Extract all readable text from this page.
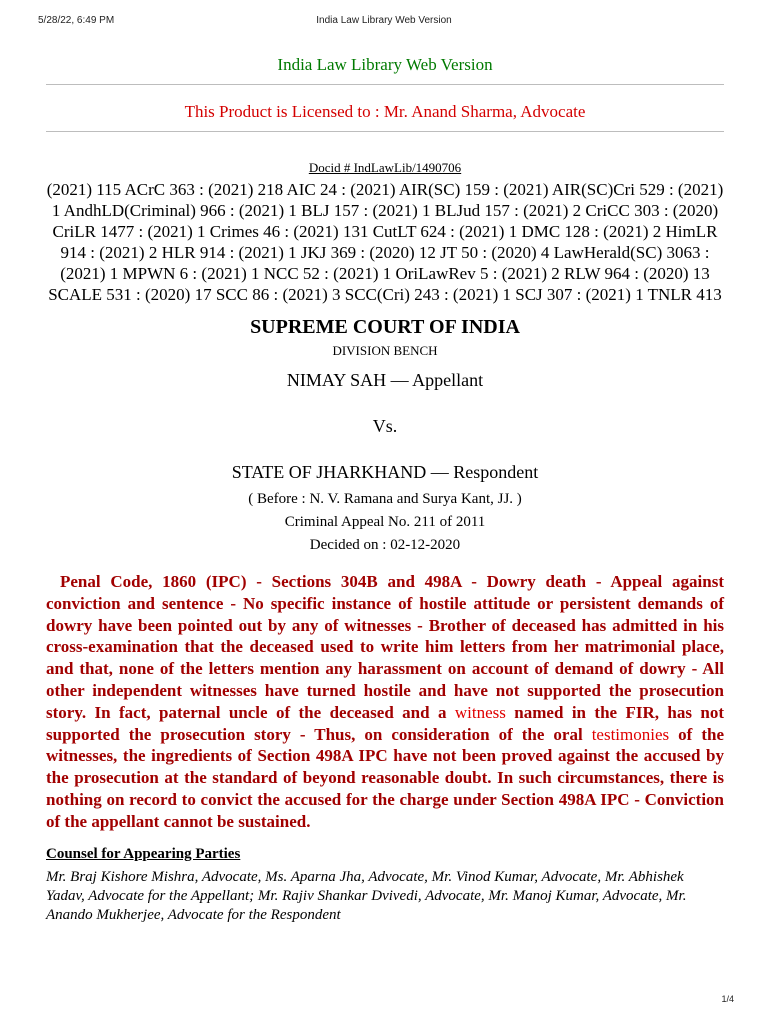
5/28/22, 6:49 PM	India Law Library Web Version
India Law Library Web Version
This Product is Licensed to : Mr. Anand Sharma, Advocate
Docid # IndLawLib/1490706
(2021) 115 ACrC 363 : (2021) 218 AIC 24 : (2021) AIR(SC) 159 : (2021) AIR(SC)Cri 529 : (2021) 1 AndhLD(Criminal) 966 : (2021) 1 BLJ 157 : (2021) 1 BLJud 157 : (2021) 2 CriCC 303 : (2020) CriLR 1477 : (2021) 1 Crimes 46 : (2021) 131 CutLT 624 : (2021) 1 DMC 128 : (2021) 2 HimLR 914 : (2021) 2 HLR 914 : (2021) 1 JKJ 369 : (2020) 12 JT 50 : (2020) 4 LawHerald(SC) 3063 : (2021) 1 MPWN 6 : (2021) 1 NCC 52 : (2021) 1 OriLawRev 5 : (2021) 2 RLW 964 : (2020) 13 SCALE 531 : (2020) 17 SCC 86 : (2021) 3 SCC(Cri) 243 : (2021) 1 SCJ 307 : (2021) 1 TNLR 413
SUPREME COURT OF INDIA
DIVISION BENCH
NIMAY SAH — Appellant
Vs.
STATE OF JHARKHAND — Respondent
( Before : N. V. Ramana and Surya Kant, JJ. )
Criminal Appeal No. 211 of 2011
Decided on : 02-12-2020
Penal Code, 1860 (IPC) - Sections 304B and 498A - Dowry death - Appeal against conviction and sentence - No specific instance of hostile attitude or persistent demands of dowry have been pointed out by any of witnesses - Brother of deceased has admitted in his cross-examination that the deceased used to write him letters from her matrimonial place, and that, none of the letters mention any harassment on account of demand of dowry - All other independent witnesses have turned hostile and have not supported the prosecution story. In fact, paternal uncle of the deceased and a witness named in the FIR, has not supported the prosecution story - Thus, on consideration of the oral testimonies of the witnesses, the ingredients of Section 498A IPC have not been proved against the accused by the prosecution at the standard of beyond reasonable doubt. In such circumstances, there is nothing on record to convict the accused for the charge under Section 498A IPC - Conviction of the appellant cannot be sustained.
Counsel for Appearing Parties
Mr. Braj Kishore Mishra, Advocate, Ms. Aparna Jha, Advocate, Mr. Vinod Kumar, Advocate, Mr. Abhishek Yadav, Advocate for the Appellant; Mr. Rajiv Shankar Dvivedi, Advocate, Mr. Manoj Kumar, Advocate, Mr. Anando Mukherjee, Advocate for the Respondent
1/4
